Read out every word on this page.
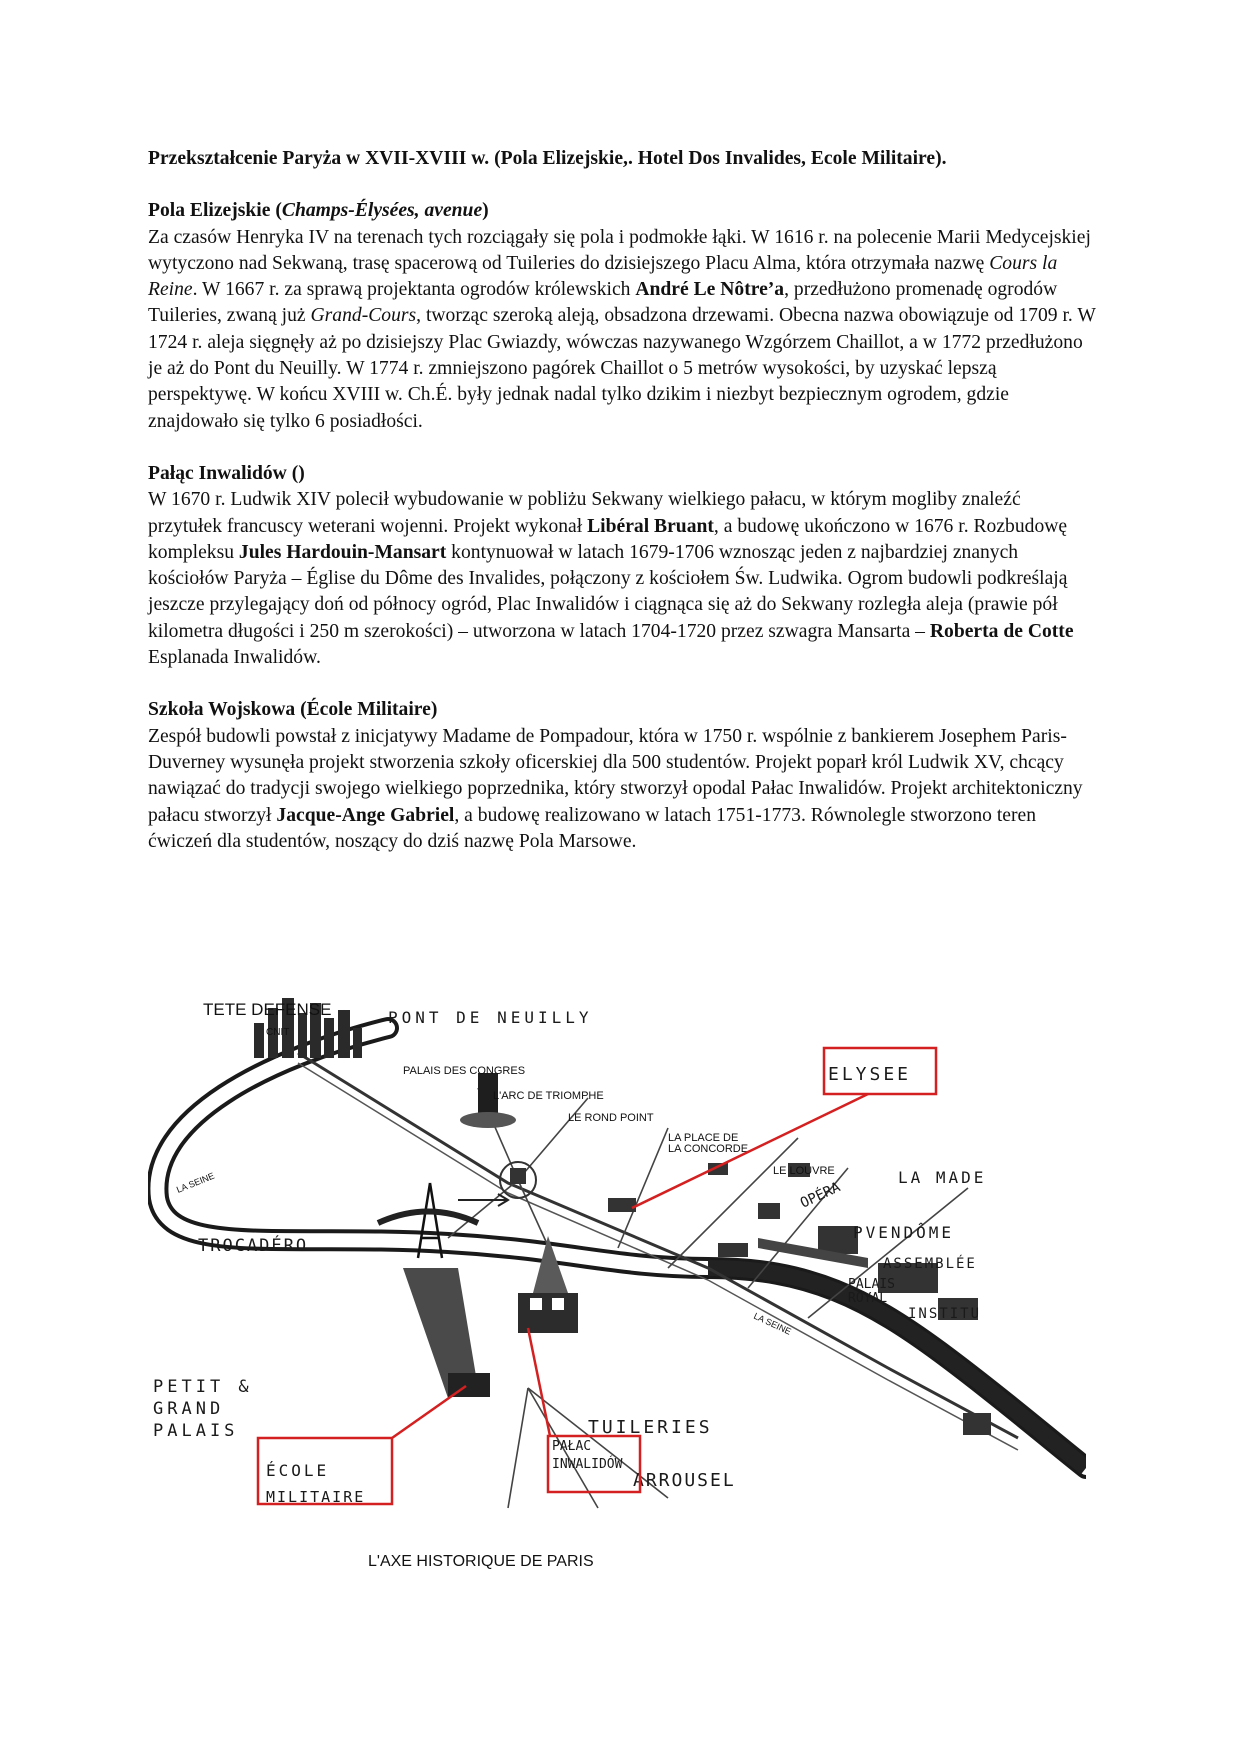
Przekształcenie Paryża w XVII-XVIII w. (Pola Elizejskie,. Hotel Dos Invalides, Ecole Militaire).

Pola Elizejskie (Champs-Élysées, avenue)

Za czasów Henryka IV na terenach tych rozciągały się pola i podmokłe łąki. W 1616 r. na polecenie Marii Medycejskiej wytyczono nad Sekwaną, trasę spacerową od Tuileries do dzisiejszego Placu Alma, która otrzymała nazwę Cours la Reine. W 1667 r. za sprawą projektanta ogrodów królewskich André Le Nôtre’a, przedłużono promenadę ogrodów Tuileries, zwaną już Grand-Cours, tworząc szeroką aleją, obsadzona drzewami. Obecna nazwa obowiązuje od 1709 r. W 1724 r. aleja sięgnęły aż po dzisiejszy Plac Gwiazdy, wówczas nazywanego Wzgórzem Chaillot, a w 1772 przedłużono je aż do Pont du Neuilly. W 1774 r. zmniejszono pagórek Chaillot o 5 metrów wysokości, by uzyskać lepszą perspektywę. W końcu XVIII w. Ch.É. były jednak nadal tylko dzikim i niezbyt bezpiecznym ogrodem, gdzie znajdowało się tylko 6 posiadłości.

Pałąc Inwalidów ()

W 1670 r. Ludwik XIV polecił wybudowanie w pobliżu Sekwany wielkiego pałacu, w którym mogliby znaleźć przytułek francuscy weterani wojenni. Projekt wykonał Libéral Bruant, a budowę ukończono w 1676 r. Rozbudowę kompleksu Jules Hardouin-Mansart kontynuował w latach 1679-1706 wznosząc jeden z najbardziej znanych kościołów Paryża – Église du Dôme des Invalides, połączony z kościołem Św. Ludwika. Ogrom budowli podkreślają jeszcze przylegający doń od północy ogród, Plac Inwalidów i ciągnąca się aż do Sekwany rozległa aleja (prawie pół kilometra długości i 250 m szerokości) – utworzona w latach 1704-1720 przez szwagra Mansarta – Roberta de Cotte Esplanada Inwalidów.

Szkoła Wojskowa (École Militaire)

Zespół budowli powstał z inicjatywy Madame de Pompadour, która w 1750 r. wspólnie z bankierem Josephem Paris-Duverney wysunęła projekt stworzenia szkoły oficerskiej dla 500 studentów. Projekt poparł król Ludwik XV, chcący nawiązać do tradycji swojego wielkiego poprzednika, który stworzył opodal Pałac Inwalidów. Projekt architektoniczny pałacu stworzył Jacque-Ange Gabriel, a budowę realizowano w latach 1751-1773. Równolegle stworzono teren ćwiczeń dla studentów, noszący do dziś nazwę Pola Marsowe.

TETE DEFENSE
CNIT
PALAIS DES CONGRES
L'ARC DE TRIOMPHE
LE ROND POINT
LA PLACE DE
LA CONCORDE
LE LOUVRE
LA SEINE
LA SEINE
L'AXE HISTORIQUE DE PARIS
PONT DE NEUILLY
ELYSEE
OPÉRA
LA MADE
PVENDÔME
ASSEMBLÉE
TROCADÉRO
PALAIS
ROYAL
INSTITU
PETIT &
GRAND
PALAIS	TUILERIES
ARROUSEL
ÉCOLE
MILITAIRE
PAŁAC
INWALIDÓW
